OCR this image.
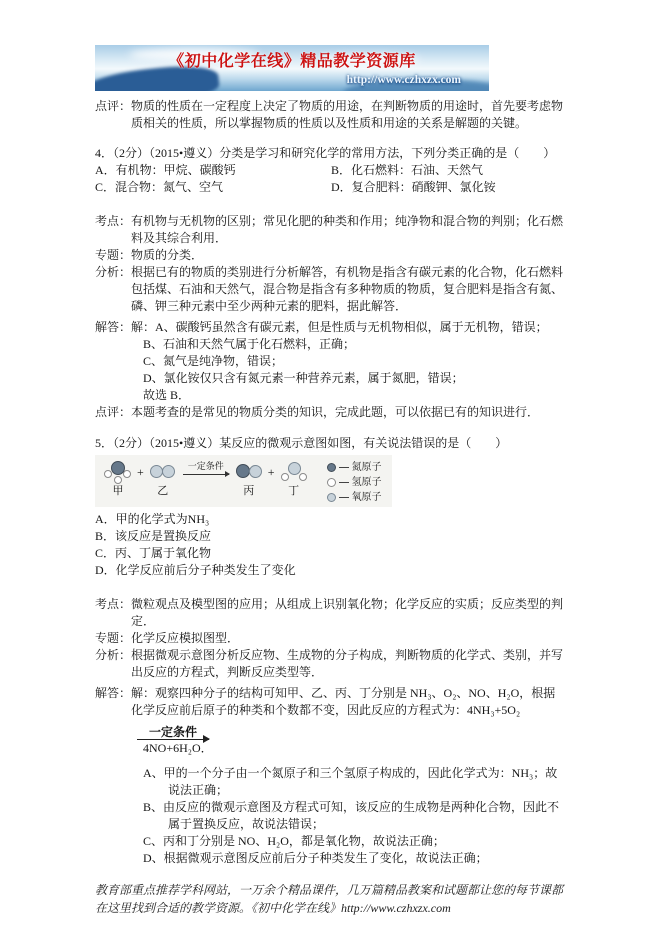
《初中化学在线》精品教学资源库
http://www.czhxzx.com
点评： 物质的性质在一定程度上决定了物质的用途，在判断物质的用途时，首先要考虑物质相关的性质，所以掌握物质的性质以及性质和用途的关系是解题的关键。
4．（2分）（2015•遵义）分类是学习和研究化学的常用方法，下列分类正确的是（　　）
A．有机物：甲烷、碳酸钙	B．化石燃料：石油、天然气
C．混合物：氮气、空气	D．复合肥料：硝酸钾、氯化铵
考点： 有机物与无机物的区别；常见化肥的种类和作用；纯净物和混合物的判别；化石燃料及其综合利用．
专题： 物质的分类．
分析： 根据已有的物质的类别进行分析解答，有机物是指含有碳元素的化合物，化石燃料包括煤、石油和天然气，混合物是指含有多种物质的物质，复合肥料是指含有氮、磷、钾三种元素中至少两种元素的肥料，据此解答．
解答： 解：A、碳酸钙虽然含有碳元素，但是性质与无机物相似，属于无机物，错误；
B、石油和天然气属于化石燃料，正确；
C、氮气是纯净物，错误；
D、氯化铵仅只含有氮元素一种营养元素，属于氮肥，错误；
故选 B．
点评： 本题考查的是常见的物质分类的知识，完成此题，可以依据已有的知识进行．
5．（2分）（2015•遵义）某反应的微观示意图如图，有关说法错误的是（　　）
甲
+
乙
一定条件
丙
+
丁
氮原子
氢原子
氧原子
A．甲的化学式为NH₃
B．该反应是置换反应
C．丙、丁属于氧化物
D．化学反应前后分子种类发生了变化
考点： 微粒观点及模型图的应用；从组成上识别氧化物；化学反应的实质；反应类型的判定．
专题： 化学反应模拟图型．
分析： 根据微观示意图分析反应物、生成物的分子构成，判断物质的化学式、类别，并写出反应的方程式，判断反应类型等．
解答： 解：观察四种分子的结构可知甲、乙、丙、丁分别是 NH₃、O₂、NO、H₂O，根据化学反应前后原子的种类和个数都不变，因此反应的方程式为：4NH₃+5O₂
一定条件
4NO+6H₂O．
A、甲的一个分子由一个氮原子和三个氢原子构成的，因此化学式为：NH₃；故说法正确；
B、由反应的微观示意图及方程式可知，该反应的生成物是两种化合物，因此不属于置换反应，故说法错误；
C、丙和丁分别是 NO、H₂O，都是氧化物，故说法正确；
D、根据微观示意图反应前后分子种类发生了变化，故说法正确；
教育部重点推荐学科网站，一万余个精品课件，几万篇精品教案和试题都让您的每节课都在这里找到合适的教学资源。《初中化学在线》http://www.czhxzx.com
